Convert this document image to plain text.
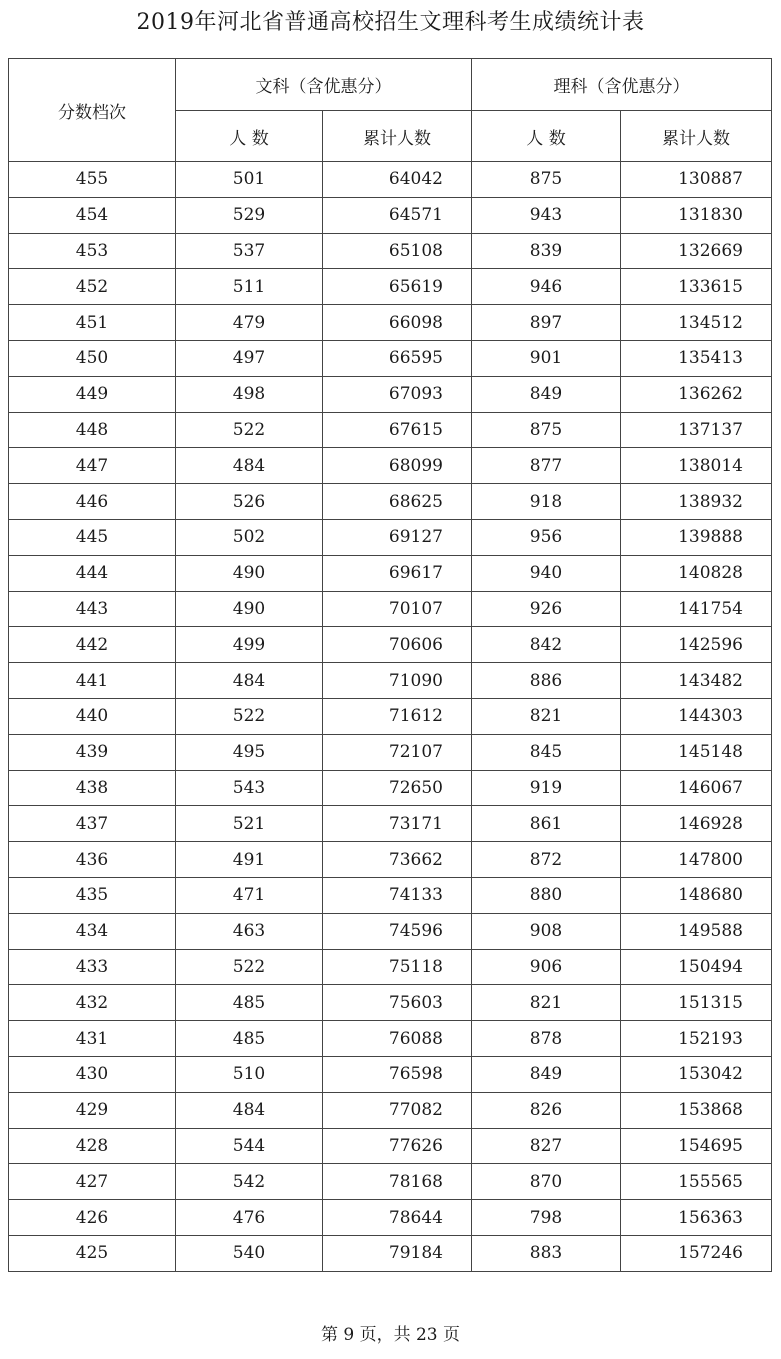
2019年河北省普通高校招生文理科考生成绩统计表
分数档次	文科（含优惠分）		理科（含优惠分）	
	人 数	累计人数	人 数	累计人数
455	501	64042	875	130887
454	529	64571	943	131830
453	537	65108	839	132669
452	511	65619	946	133615
451	479	66098	897	134512
450	497	66595	901	135413
449	498	67093	849	136262
448	522	67615	875	137137
447	484	68099	877	138014
446	526	68625	918	138932
445	502	69127	956	139888
444	490	69617	940	140828
443	490	70107	926	141754
442	499	70606	842	142596
441	484	71090	886	143482
440	522	71612	821	144303
439	495	72107	845	145148
438	543	72650	919	146067
437	521	73171	861	146928
436	491	73662	872	147800
435	471	74133	880	148680
434	463	74596	908	149588
433	522	75118	906	150494
432	485	75603	821	151315
431	485	76088	878	152193
430	510	76598	849	153042
429	484	77082	826	153868
428	544	77626	827	154695
427	542	78168	870	155565
426	476	78644	798	156363
425	540	79184	883	157246
第 9 页，共 23 页
